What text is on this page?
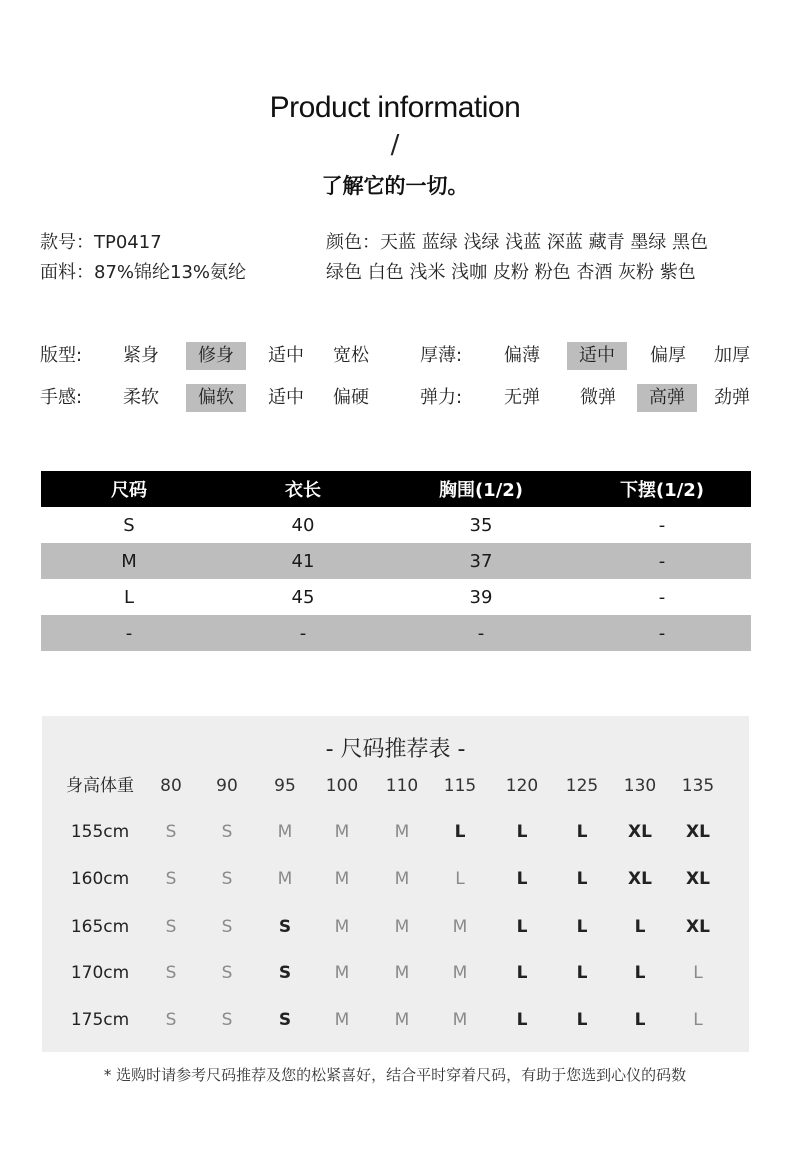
Product information
/
了解它的一切。
款号：TP0417
面料：87%锦纶13%氨纶
颜色：天蓝 蓝绿 浅绿 浅蓝 深蓝 藏青 墨绿 黑色
绿色 白色 浅米 浅咖 皮粉 粉色 杏酒 灰粉 紫色
版型: 紧身	修身	适中 宽松	厚薄: 偏薄	适中	偏厚 加厚
手感: 柔软	偏软	适中 偏硬	弹力: 无弹 微弹	高弹	劲弹
尺码	衣长	胸围(1/2)	下摆(1/2)
S	40	35	-
M	41	37	-
L	45	39	-
-	-	-	-
- 尺码推荐表 -
身高体重 80 90 95 100 110 115 120 125 130 135
155cm S	S	M M	M	L	L	L XL XL
160cm S	S	M M	M	L	L	L XL XL
165cm S	S	S	M	M	M	L	L	L XL
170cm S	S	S	M	M	M	L	L	L	L
175cm S	S	S	M	M	M	L	L	L	L
* 选购时请参考尺码推荐及您的松紧喜好，结合平时穿着尺码，有助于您选到心仪的码数
